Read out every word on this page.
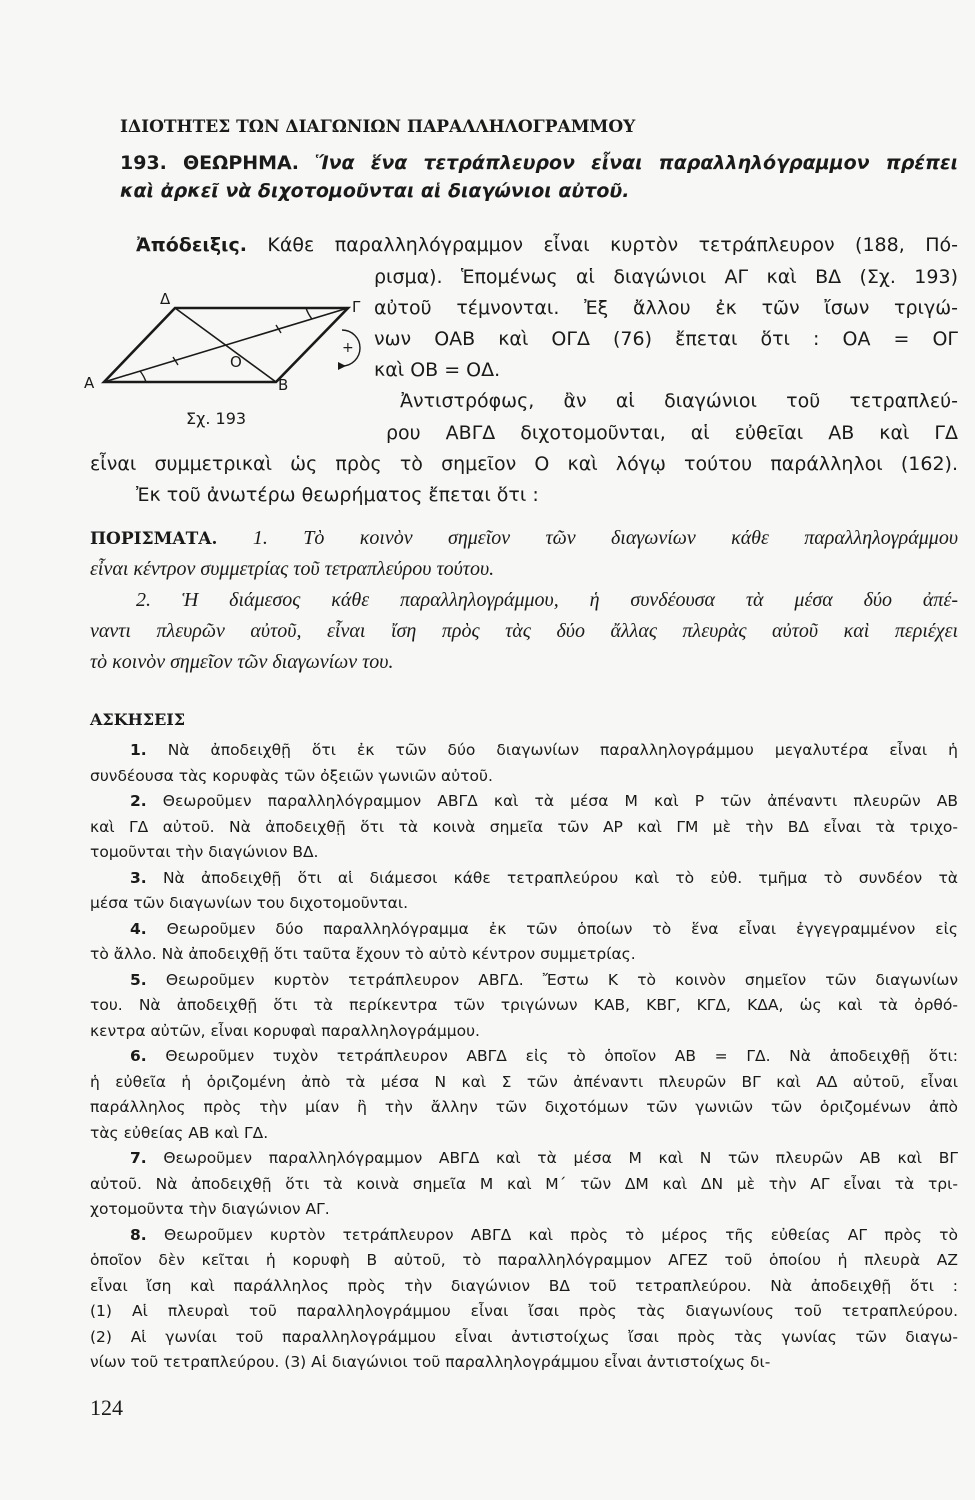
ΙΔΙΟΤΗΤΕΣ ΤΩΝ ΔΙΑΓΩΝΙΩΝ ΠΑΡΑΛΛΗΛΟΓΡΑΜΜΟΥ
193. ΘΕΩΡΗΜΑ. Ἵνα ἕνα τετράπλευρον εἶναι παραλληλόγραμμον πρέπει
καὶ ἀρκεῖ νὰ διχοτομοῦνται αἱ διαγώνιοι αὐτοῦ.
Ἀπόδειξις. Κάθε παραλληλόγραμμον εἶναι κυρτὸν τετράπλευρον (188, Πό-
ρισμα). Ἑπομένως αἱ διαγώνιοι ΑΓ καὶ ΒΔ (Σχ. 193)
αὐτοῦ τέμνονται. Ἐξ ἄλλου ἐκ τῶν ἴσων τριγώ-
νων ΟΑΒ καὶ ΟΓΔ (76) ἔπεται ὅτι : ΟΑ = ΟΓ
καὶ ΟΒ = ΟΔ.
Ἀντιστρόφως, ἂν αἱ διαγώνιοι τοῦ τετραπλεύ-
ρου ΑΒΓΔ διχοτομοῦνται, αἱ εὐθεῖαι ΑΒ καὶ ΓΔ
εἶναι συμμετρικαὶ ὡς πρὸς τὸ σημεῖον Ο καὶ λόγῳ τούτου παράλληλοι (162).
Ἐκ τοῦ ἀνωτέρω θεωρήματος ἔπεται ὅτι :
Δ	Γ
Α	Β
Ο
+
Σχ. 193
ΠΟΡΙΣΜΑΤΑ. 1. Τὸ κοινὸν σημεῖον τῶν διαγωνίων κάθε παραλληλογράμμου
εἶναι κέντρον συμμετρίας τοῦ τετραπλεύρου τούτου.
2. Ἡ διάμεσος κάθε παραλληλογράμμου, ἡ συνδέουσα τὰ μέσα δύο ἀπέ-
ναντι πλευρῶν αὐτοῦ, εἶναι ἴση πρὸς τὰς δύο ἄλλας πλευρὰς αὐτοῦ καὶ περιέχει
τὸ κοινὸν σημεῖον τῶν διαγωνίων του.
ΑΣΚΗΣΕΙΣ
1. Νὰ ἀποδειχθῇ ὅτι ἐκ τῶν δύο διαγωνίων παραλληλογράμμου μεγαλυτέρα εἶναι ἡ
συνδέουσα τὰς κορυφὰς τῶν ὀξειῶν γωνιῶν αὐτοῦ.
2. Θεωροῦμεν παραλληλόγραμμον ΑΒΓΔ καὶ τὰ μέσα Μ καὶ Ρ τῶν ἀπέναντι πλευρῶν ΑΒ
καὶ ΓΔ αὐτοῦ. Νὰ ἀποδειχθῇ ὅτι τὰ κοινὰ σημεῖα τῶν ΑΡ καὶ ΓΜ μὲ τὴν ΒΔ εἶναι τὰ τριχο-
τομοῦνται τὴν διαγώνιον ΒΔ.
3. Νὰ ἀποδειχθῇ ὅτι αἱ διάμεσοι κάθε τετραπλεύρου καὶ τὸ εὐθ. τμῆμα τὸ συνδέον τὰ
μέσα τῶν διαγωνίων του διχοτομοῦνται.
4. Θεωροῦμεν δύο παραλληλόγραμμα ἐκ τῶν ὁποίων τὸ ἕνα εἶναι ἐγγεγραμμένον εἰς
τὸ ἄλλο. Νὰ ἀποδειχθῇ ὅτι ταῦτα ἔχουν τὸ αὐτὸ κέντρον συμμετρίας.
5. Θεωροῦμεν κυρτὸν τετράπλευρον ΑΒΓΔ. Ἔστω Κ τὸ κοινὸν σημεῖον τῶν διαγωνίων
του. Νὰ ἀποδειχθῇ ὅτι τὰ περίκεντρα τῶν τριγώνων ΚΑΒ, ΚΒΓ, ΚΓΔ, ΚΔΑ, ὡς καὶ τὰ ὀρθό-
κεντρα αὐτῶν, εἶναι κορυφαὶ παραλληλογράμμου.
6. Θεωροῦμεν τυχὸν τετράπλευρον ΑΒΓΔ εἰς τὸ ὁποῖον ΑΒ = ΓΔ. Νὰ ἀποδειχθῇ ὅτι:
ἡ εὐθεῖα ἡ ὁριζομένη ἀπὸ τὰ μέσα Ν καὶ Σ τῶν ἀπέναντι πλευρῶν ΒΓ καὶ ΑΔ αὐτοῦ, εἶναι
παράλληλος πρὸς τὴν μίαν ἢ τὴν ἄλλην τῶν διχοτόμων τῶν γωνιῶν τῶν ὁριζομένων ἀπὸ
τὰς εὐθείας ΑΒ καὶ ΓΔ.
7. Θεωροῦμεν παραλληλόγραμμον ΑΒΓΔ καὶ τὰ μέσα Μ καὶ Ν τῶν πλευρῶν ΑΒ καὶ ΒΓ
αὐτοῦ. Νὰ ἀποδειχθῇ ὅτι τὰ κοινὰ σημεῖα Μ καὶ Μ΄ τῶν ΔΜ καὶ ΔΝ μὲ τὴν ΑΓ εἶναι τὰ τρι-
χοτομοῦντα τὴν διαγώνιον ΑΓ.
8. Θεωροῦμεν κυρτὸν τετράπλευρον ΑΒΓΔ καὶ πρὸς τὸ μέρος τῆς εὐθείας ΑΓ πρὸς τὸ
ὁποῖον δὲν κεῖται ἡ κορυφὴ Β αὐτοῦ, τὸ παραλληλόγραμμον ΑΓΕΖ τοῦ ὁποίου ἡ πλευρὰ ΑΖ
εἶναι ἴση καὶ παράλληλος πρὸς τὴν διαγώνιον ΒΔ τοῦ τετραπλεύρου. Νὰ ἀποδειχθῇ ὅτι :
(1) Αἱ πλευραὶ τοῦ παραλληλογράμμου εἶναι ἴσαι πρὸς τὰς διαγωνίους τοῦ τετραπλεύρου.
(2) Αἱ γωνίαι τοῦ παραλληλογράμμου εἶναι ἀντιστοίχως ἴσαι πρὸς τὰς γωνίας τῶν διαγω-
νίων τοῦ τετραπλεύρου. (3) Αἱ διαγώνιοι τοῦ παραλληλογράμμου εἶναι ἀντιστοίχως δι-
124
